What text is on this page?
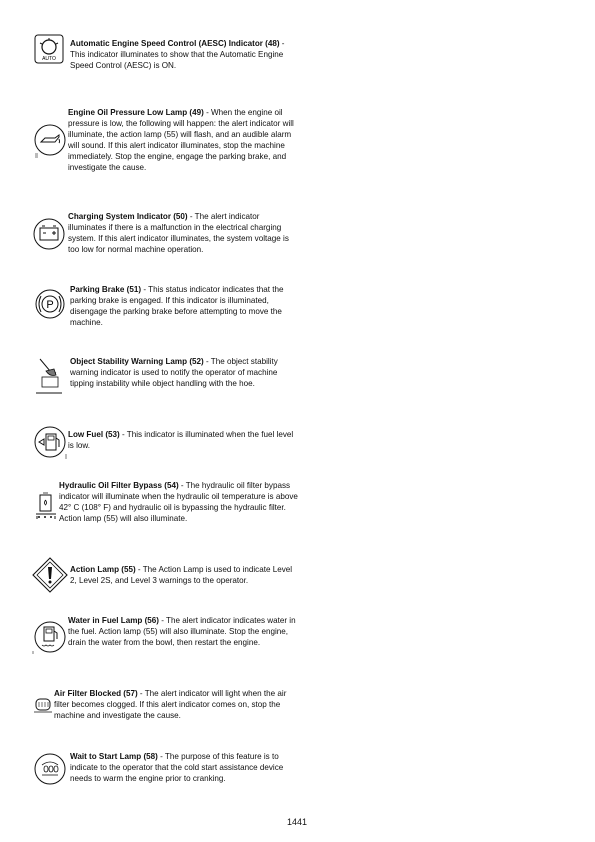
AUTO
Automatic Engine Speed Control (AESC) Indicator (48) - This indicator illuminates to show that the Automatic Engine Speed Control (AESC) is ON.
Engine Oil Pressure Low Lamp (49) - When the engine oil pressure is low, the following will happen: the alert indicator will illuminate, the action lamp (55) will flash, and an audible alarm will sound. If this alert indicator illuminates, stop the machine immediately. Stop the engine, engage the parking brake, and investigate the cause.
Charging System Indicator (50) - The alert indicator illuminates if there is a malfunction in the electrical charging system. If this alert indicator illuminates, the system voltage is too low for normal machine operation.
P
Parking Brake (51) - This status indicator indicates that the parking brake is engaged. If this indicator is illuminated, disengage the parking brake before attempting to move the machine.
Object Stability Warning Lamp (52) - The object stability warning indicator is used to notify the operator of machine tipping instability while object handling with the hoe.
Low Fuel (53) - This indicator is illuminated when the fuel level is low.
Hydraulic Oil Filter Bypass (54) - The hydraulic oil filter bypass indicator will illuminate when the hydraulic oil temperature is above 42° C (108° F) and hydraulic oil is bypassing the hydraulic filter. Action lamp (55) will also illuminate.
Action Lamp (55) - The Action Lamp is used to indicate Level 2, Level 2S, and Level 3 warnings to the operator.
Water in Fuel Lamp (56) - The alert indicator indicates water in the fuel. Action lamp (55) will also illuminate. Stop the engine, drain the water from the bowl, then restart the engine.
Air Filter Blocked (57) - The alert indicator will light when the air filter becomes clogged. If this alert indicator comes on, stop the machine and investigate the cause.
Wait to Start Lamp (58) - The purpose of this feature is to indicate to the operator that the cold start assistance device needs to warm the engine prior to cranking.
1441
